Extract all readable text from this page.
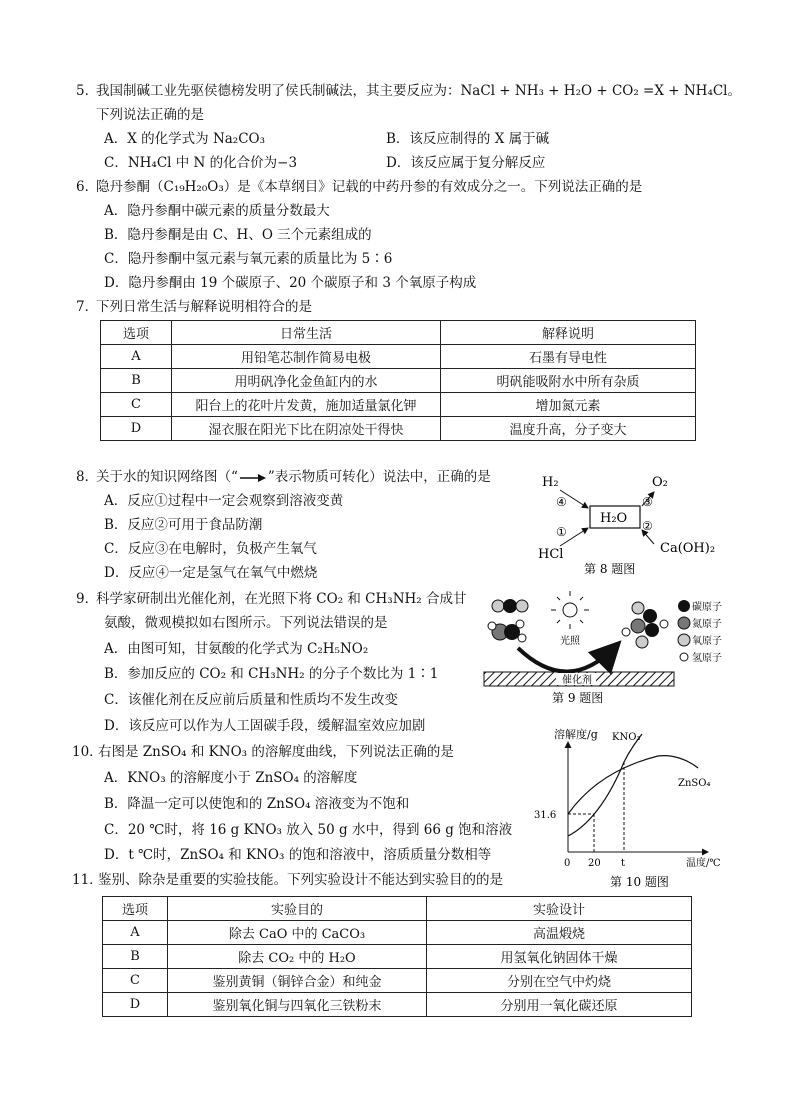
5．
我国制碱工业先驱侯德榜发明了侯氏制碱法，其主要反应为：NaCl + NH₃ + H₂O + CO₂ =X + NH₄Cl。
下列说法正确的是
A．X 的化学式为 Na₂CO₃	B．该反应制得的 X 属于碱
C．NH₄Cl 中 N 的化合价为−3	D．该反应属于复分解反应
6．
隐丹参酮（C₁₉H₂₀O₃）是《本草纲目》记载的中药丹参的有效成分之一。下列说法正确的是
A．隐丹参酮中碳元素的质量分数最大
B．隐丹参酮是由 C、H、O 三个元素组成的
C．隐丹参酮中氢元素与氧元素的质量比为 5∶6
D．隐丹参酮由 19 个碳原子、20 个碳原子和 3 个氧原子构成
7．
下列日常生活与解释说明相符合的是
选项	日常生活	解释说明
A	用铅笔芯制作简易电极	石墨有导电性
B	用明矾净化金鱼缸内的水	明矾能吸附水中所有杂质
C	阳台上的花叶片发黄，施加适量氯化钾	增加氮元素
D	湿衣服在阳光下比在阴凉处干得快	温度升高，分子变大
8．
关于水的知识网络图（“ ”表示物质可转化）说法中，正确的是
A．反应①过程中一定会观察到溶液变黄
B．反应②可用于食品防潮
C．反应③在电解时，负极产生氧气
D．反应④一定是氢气在氧气中燃烧
H₂	O₂
H₂O
④
①
③
②
HCl	Ca(OH)₂
第 8 题图
9．
科学家研制出光催化剂，在光照下将 CO₂ 和 CH₃NH₂ 合成甘
氨酸，微观模拟如右图所示。下列说法错误的是
A．由图可知，甘氨酸的化学式为 C₂H₅NO₂
B．参加反应的 CO₂ 和 CH₃NH₂ 的分子个数比为 1∶1
C．该催化剂在反应前后质量和性质均不发生改变
D．该反应可以作为人工固碳手段，缓解温室效应加剧
光照
碳原子
氮原子
氧原子
氢原子
催化剂
第 9 题图
10．
右图是 ZnSO₄ 和 KNO₃ 的溶解度曲线，下列说法正确的是
A．KNO₃ 的溶解度小于 ZnSO₄ 的溶解度
B．降温一定可以使饱和的 ZnSO₄ 溶液变为不饱和
C．20 ℃时，将 16 g KNO₃ 放入 50 g 水中，得到 66 g 饱和溶液
D．t ℃时，ZnSO₄ 和 KNO₃ 的饱和溶液中，溶质质量分数相等
溶解度/g
温度/℃
31.6
0 20 t
KNO₃
ZnSO₄
第 10 题图
11．
鉴别、除杂是重要的实验技能。下列实验设计不能达到实验目的的是
选项	实验目的	实验设计
A	除去 CaO 中的 CaCO₃	高温煅烧
B	除去 CO₂ 中的 H₂O	用氢氧化钠固体干燥
C	鉴别黄铜（铜锌合金）和纯金	分别在空气中灼烧
D	鉴别氧化铜与四氧化三铁粉末	分别用一氧化碳还原
